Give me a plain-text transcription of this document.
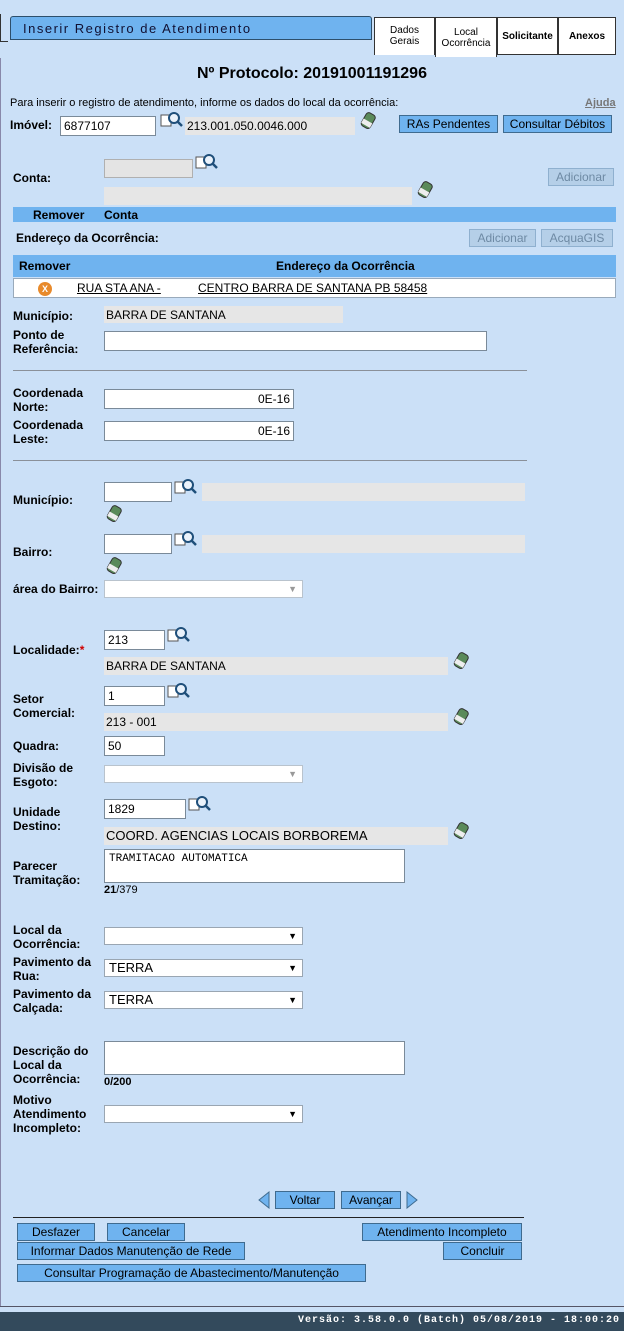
Inserir Registro de Atendimento	Dados
Gerais
Local
Ocorrência
Solicitante	Anexos
Nº Protocolo: 20191001191296
Para inserir o registro de atendimento, informe os dados do local da ocorrência:	Ajuda
Imóvel: 6877107	213.001.050.0046.000	RAs Pendentes	Consultar Débitos
Conta:	Adicionar
Remover Conta
Endereço da Ocorrência:	Adicionar	AcquaGIS
Remover	Endereço da Ocorrência
X	RUA STA ANA -	CENTRO BARRA DE SANTANA PB 58458
Município:	BARRA DE SANTANA
Ponto de
Referência:
Coordenada
Norte:
0E-16
Coordenada
Leste:
0E-16
Município:
Bairro:
área do Bairro:	▼
Localidade:*
213
BARRA DE SANTANA
Setor
Comercial:
1
213 - 001
Quadra:	50
Divisão de
Esgoto:
▼
Unidade
Destino:
1829
COORD. AGENCIAS LOCAIS BORBOREMA
Parecer
Tramitação:
TRAMITACAO AUTOMATICA
21/379
Local da
Ocorrência:
▼
Pavimento da
Rua:
TERRA	▼
Pavimento da
Calçada:
TERRA	▼
Descrição do
Local da
Ocorrência: 0/200
Motivo
Atendimento
Incompleto:
▼
Voltar	Avançar
Desfazer	Cancelar	Atendimento Incompleto
Informar Dados Manutenção de Rede	Concluir
Consultar Programação de Abastecimento/Manutenção
Versão: 3.58.0.0 (Batch) 05/08/2019 - 18:00:20
